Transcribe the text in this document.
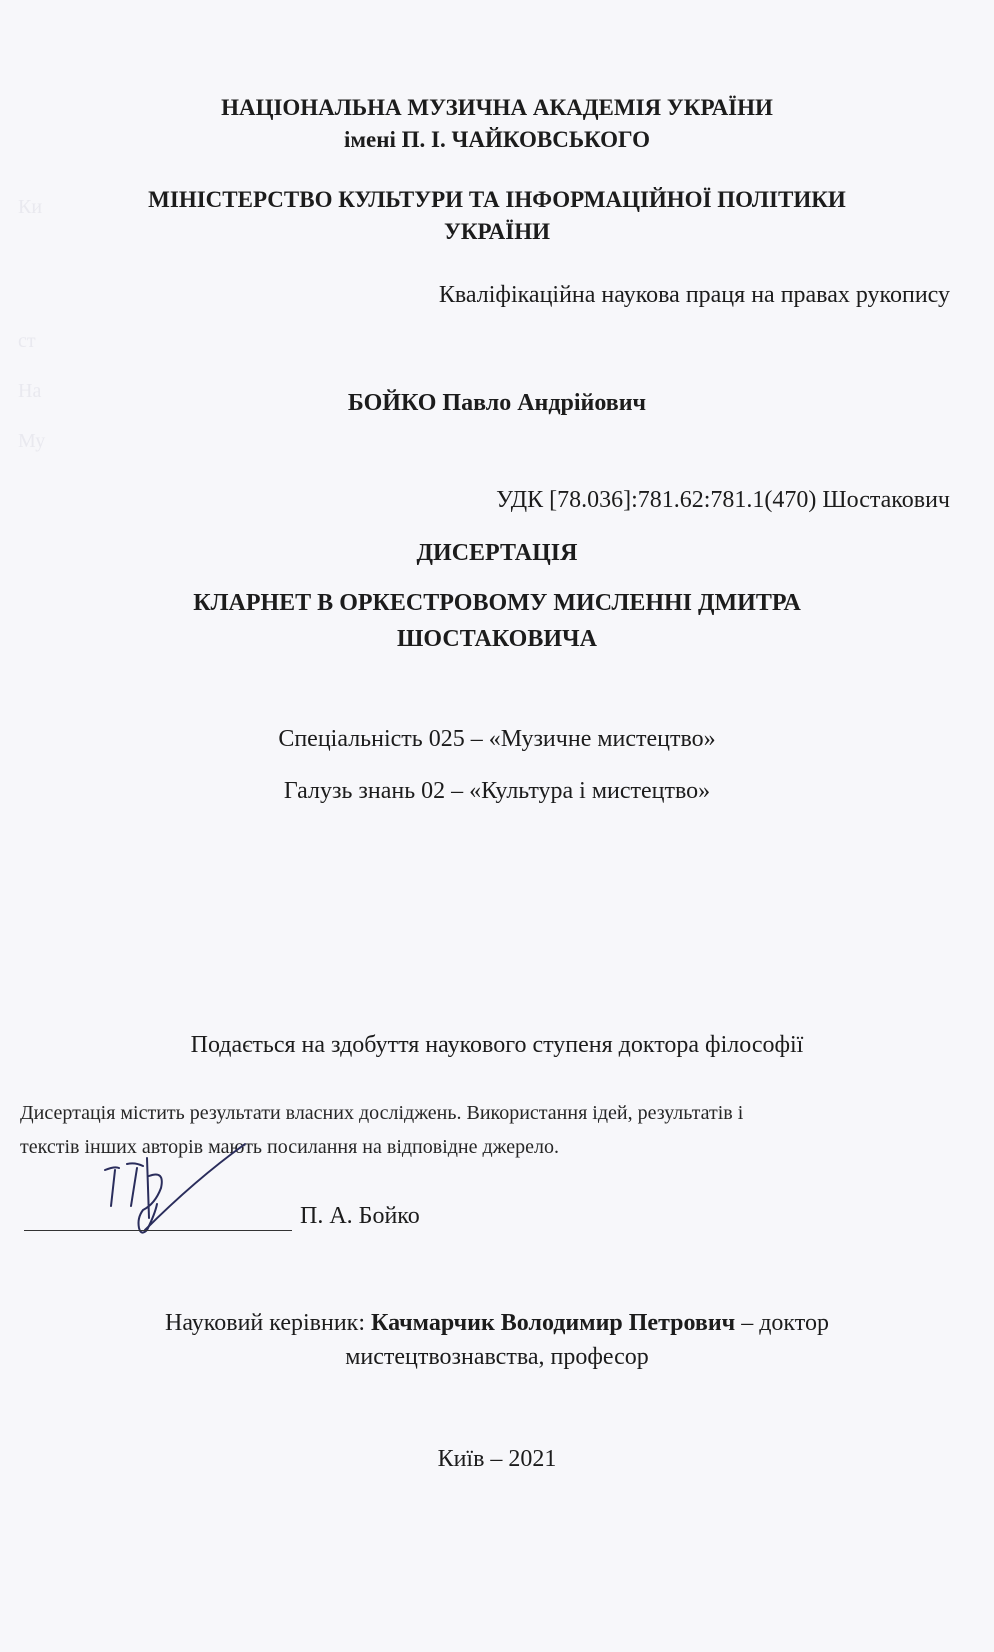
Ки
ст
На
Му
НАЦІОНАЛЬНА МУЗИЧНА АКАДЕМІЯ УКРАЇНИ
імені П. І. ЧАЙКОВСЬКОГО
МІНІСТЕРСТВО КУЛЬТУРИ ТА ІНФОРМАЦІЙНОЇ ПОЛІТИКИ
УКРАЇНИ
Кваліфікаційна наукова праця на правах рукопису
БОЙКО Павло Андрійович
УДК [78.036]:781.62:781.1(470) Шостакович
ДИСЕРТАЦІЯ
КЛАРНЕТ В ОРКЕСТРОВОМУ МИСЛЕННІ ДМИТРА
ШОСТАКОВИЧА
Спеціальність 025 – «Музичне мистецтво»
Галузь знань 02 – «Культура і мистецтво»
Подається на здобуття наукового ступеня доктора філософії
Дисертація містить результати власних досліджень. Використання ідей, результатів і
текстів інших авторів мають посилання на відповідне джерело.
П. А. Бойко
Науковий керівник: Качмарчик Володимир Петрович – доктор
мистецтвознавства, професор
Київ – 2021
